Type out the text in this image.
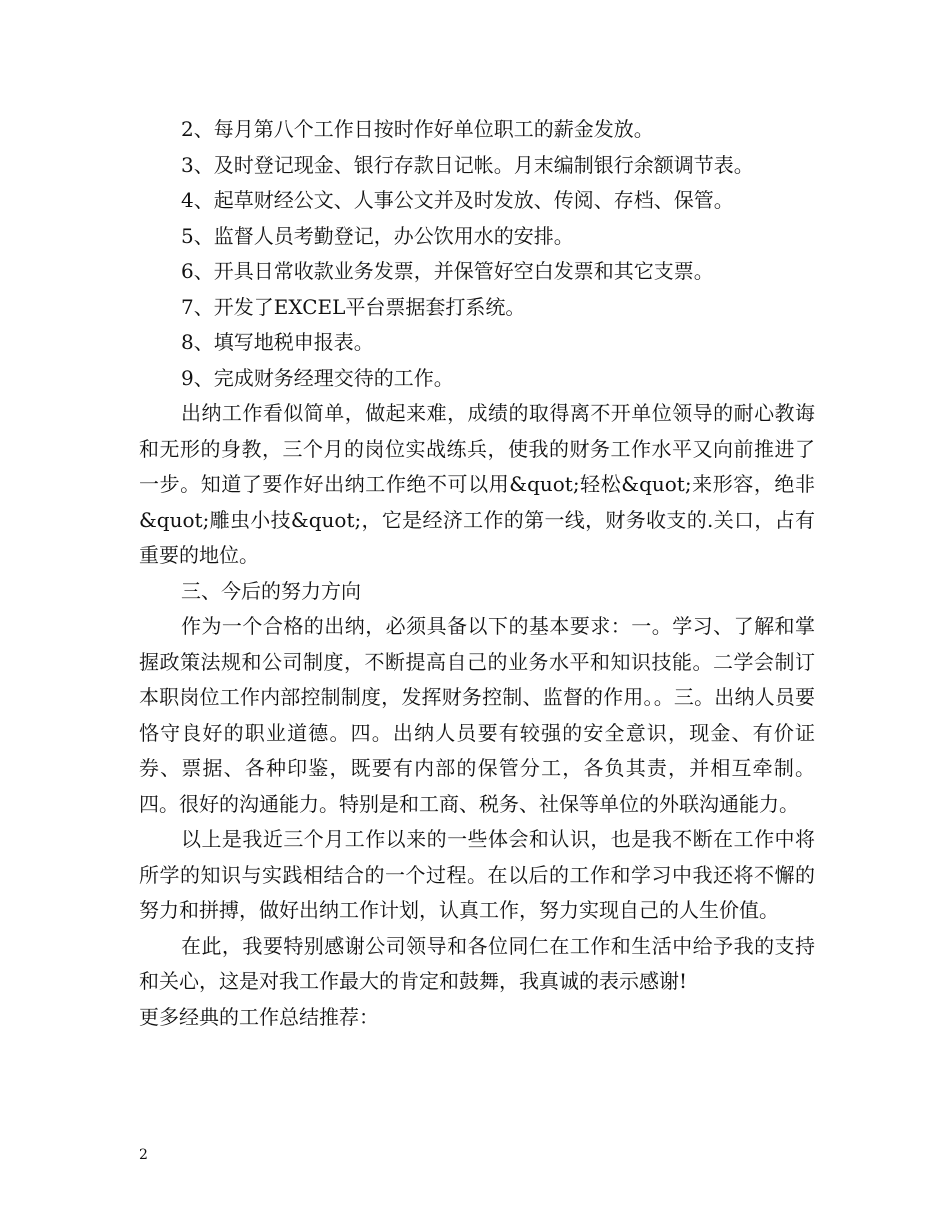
2、每月第八个工作日按时作好单位职工的薪金发放。

3、及时登记现金、银行存款日记帐。月末编制银行余额调节表。

4、起草财经公文、人事公文并及时发放、传阅、存档、保管。

5、监督人员考勤登记，办公饮用水的安排。

6、开具日常收款业务发票，并保管好空白发票和其它支票。

7、开发了EXCEL平台票据套打系统。

8、填写地税申报表。

9、完成财务经理交待的工作。

出纳工作看似简单，做起来难，成绩的取得离不开单位领导的耐心教诲和无形的身教，三个月的岗位实战练兵，使我的财务工作水平又向前推进了一步。知道了要作好出纳工作绝不可以用&quot;轻松&quot;来形容，绝非&quot;雕虫小技&quot;，它是经济工作的第一线，财务收支的.关口，占有重要的地位。

三、今后的努力方向

作为一个合格的出纳，必须具备以下的基本要求：一。学习、了解和掌握政策法规和公司制度，不断提高自己的业务水平和知识技能。二学会制订本职岗位工作内部控制制度，发挥财务控制、监督的作用。。三。出纳人员要恪守良好的职业道德。四。出纳人员要有较强的安全意识，现金、有价证券、票据、各种印鉴，既要有内部的保管分工，各负其责，并相互牵制。四。很好的沟通能力。特别是和工商、税务、社保等单位的外联沟通能力。

以上是我近三个月工作以来的一些体会和认识，也是我不断在工作中将所学的知识与实践相结合的一个过程。在以后的工作和学习中我还将不懈的努力和拼搏，做好出纳工作计划，认真工作，努力实现自己的人生价值。

在此，我要特别感谢公司领导和各位同仁在工作和生活中给予我的支持和关心，这是对我工作最大的肯定和鼓舞，我真诚的表示感谢!

更多经典的工作总结推荐：

2
